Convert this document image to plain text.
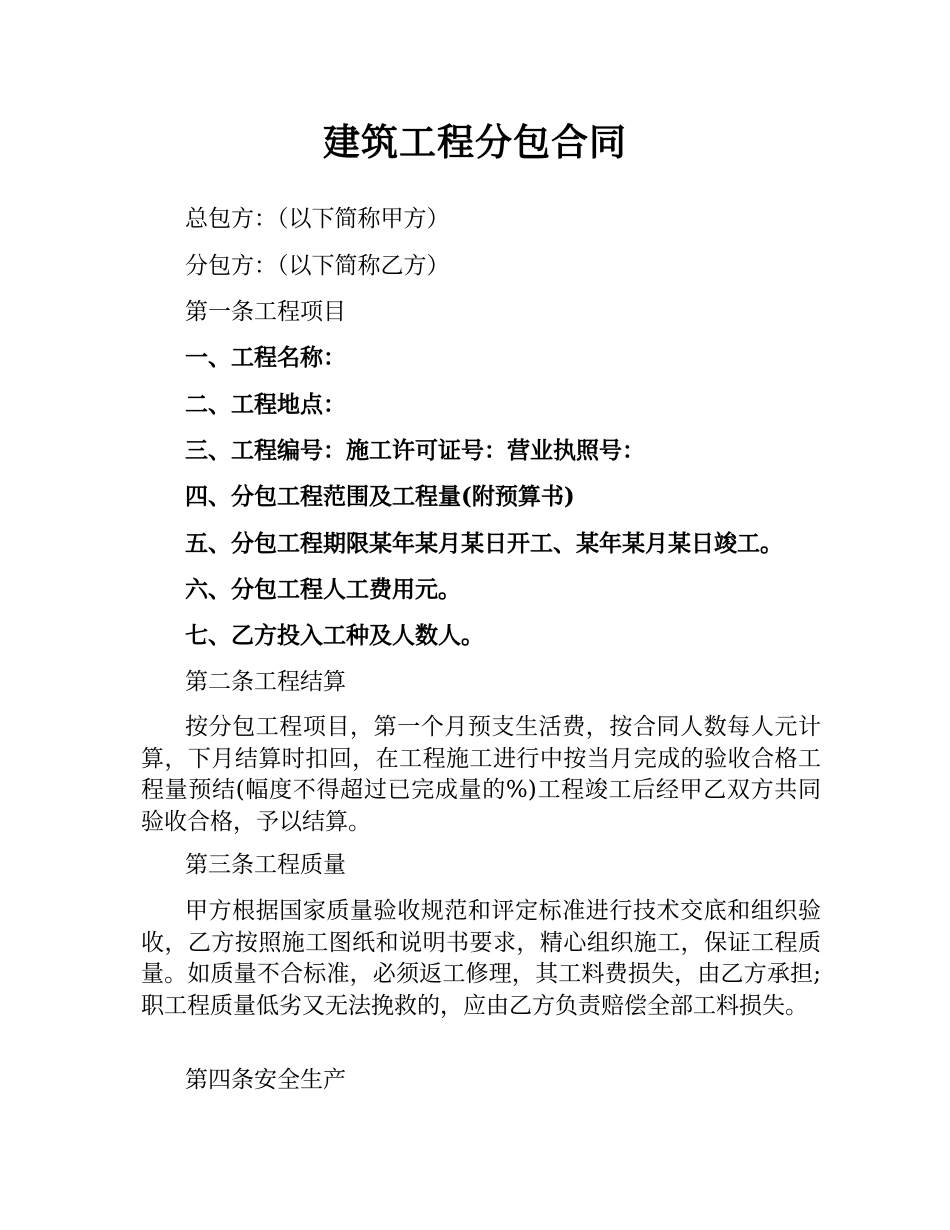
建筑工程分包合同

总包方：（以下简称甲方）

分包方：（以下简称乙方）

第一条工程项目

一、工程名称：

二、工程地点：

三、工程编号：施工许可证号：营业执照号：

四、分包工程范围及工程量(附预算书)

五、分包工程期限某年某月某日开工、某年某月某日竣工。

六、分包工程人工费用元。

七、乙方投入工种及人数人。

第二条工程结算

按分包工程项目，第一个月预支生活费，按合同人数每人元计算，下月结算时扣回，在工程施工进行中按当月完成的验收合格工程量预结(幅度不得超过已完成量的%)工程竣工后经甲乙双方共同验收合格，予以结算。

第三条工程质量

甲方根据国家质量验收规范和评定标准进行技术交底和组织验收，乙方按照施工图纸和说明书要求，精心组织施工，保证工程质量。如质量不合标准，必须返工修理，其工料费损失，由乙方承担;职工程质量低劣又无法挽救的，应由乙方负责赔偿全部工料损失。

第四条安全生产
